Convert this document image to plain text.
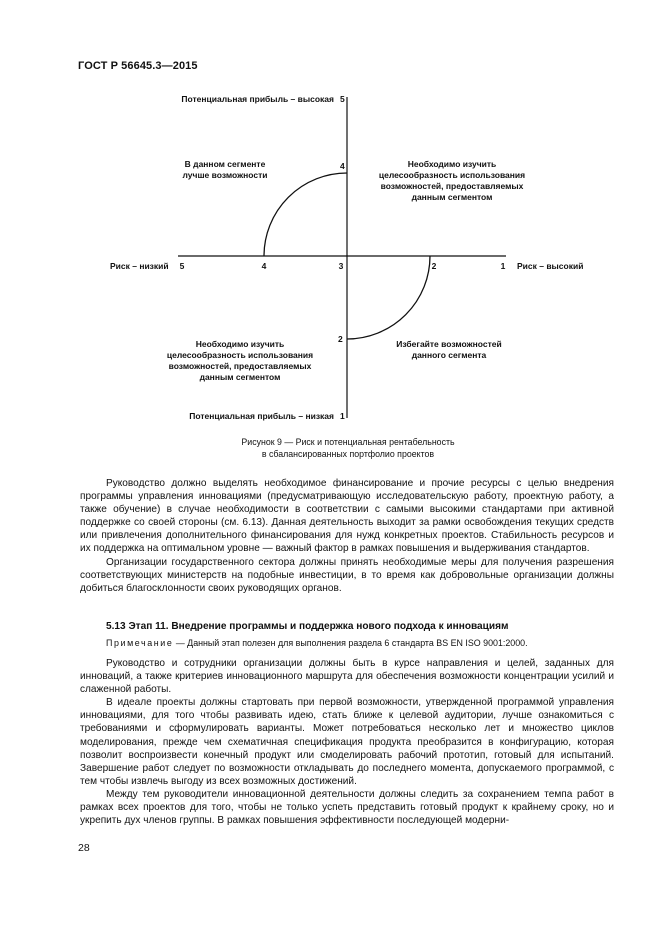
ГОСТ Р 56645.3—2015
Потенциальная прибыль – высокая 5
Потенциальная прибыль – низкая 1
4
2
Риск – низкий	Риск – высокий
5	4	3	2	1
В данном сегменте
лучше возможности
Необходимо изучить
целесообразность использования
возможностей, предоставляемых
данным сегментом
Необходимо изучить
целесообразность использования
возможностей, предоставляемых
данным сегментом
Избегайте возможностей
данного сегмента
Рисунок 9 — Риск и потенциальная рентабельность
в сбалансированных портфолио проектов

Руководство должно выделять необходимое финансирование и прочие ресурсы с целью внедрения программы управления инновациями (предусматривающую исследовательскую работу, проектную работу, а также обучение) в случае необходимости в соответствии с самыми высокими стандартами при активной поддержке со своей стороны (см. 6.13). Данная деятельность выходит за рамки освобождения текущих средств или привлечения дополнительного финансирования для нужд конкретных проектов. Стабильность ресурсов и их поддержка на оптимальном уровне — важный фактор в рамках повышения и выдерживания стандартов.

Организации государственного сектора должны принять необходимые меры для получения разрешения соответствующих министерств на подобные инвестиции, в то время как добровольные организации должны добиться благосклонности своих руководящих органов.

5.13 Этап 11. Внедрение программы и поддержка нового подхода к инновациям
Примечание — Данный этап полезен для выполнения раздела 6 стандарта BS EN ISO 9001:2000.

Руководство и сотрудники организации должны быть в курсе направления и целей, заданных для инноваций, а также критериев инновационного маршрута для обеспечения возможности концентрации усилий и слаженной работы.

В идеале проекты должны стартовать при первой возможности, утвержденной программой управления инновациями, для того чтобы развивать идею, стать ближе к целевой аудитории, лучше ознакомиться с требованиями и сформулировать варианты. Может потребоваться несколько лет и множество циклов моделирования, прежде чем схематичная спецификация продукта преобразится в конфигурацию, которая позволит воспроизвести конечный продукт или смоделировать рабочий прототип, готовый для испытаний. Завершение работ следует по возможности откладывать до последнего момента, допускаемого программой, с тем чтобы извлечь выгоду из всех возможных достижений.

Между тем руководители инновационной деятельности должны следить за сохранением темпа работ в рамках всех проектов для того, чтобы не только успеть представить готовый продукт к крайнему сроку, но и укрепить дух членов группы. В рамках повышения эффективности последующей модерни-

28
